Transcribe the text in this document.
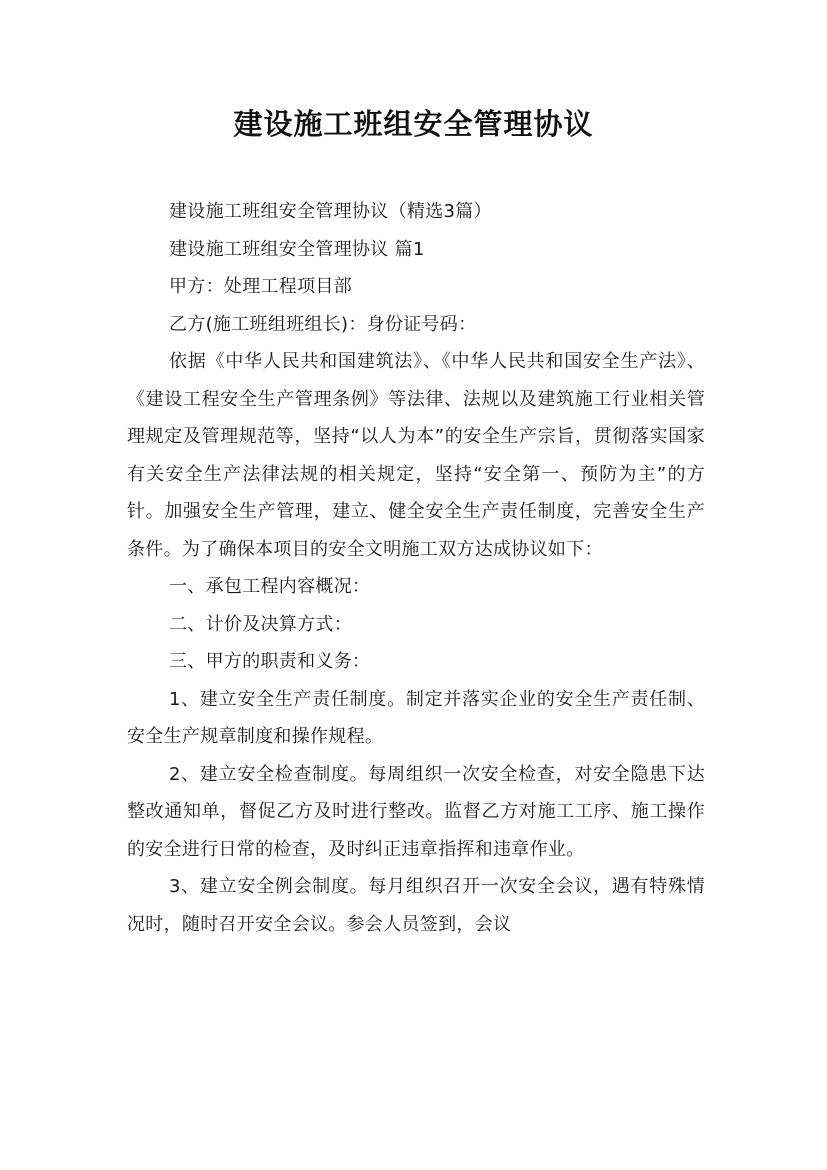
建设施工班组安全管理协议

建设施工班组安全管理协议（精选3篇）

建设施工班组安全管理协议 篇1

甲方：处理工程项目部

乙方(施工班组班组长)：身份证号码：

依据《中华人民共和国建筑法》、《中华人民共和国安全生产法》、《建设工程安全生产管理条例》等法律、法规以及建筑施工行业相关管理规定及管理规范等，坚持“以人为本”的安全生产宗旨，贯彻落实国家有关安全生产法律法规的相关规定，坚持“安全第一、预防为主”的方针。加强安全生产管理，建立、健全安全生产责任制度，完善安全生产条件。为了确保本项目的安全文明施工双方达成协议如下：

一、承包工程内容概况：

二、计价及决算方式：

三、甲方的职责和义务：

1、建立安全生产责任制度。制定并落实企业的安全生产责任制、安全生产规章制度和操作规程。

2、建立安全检查制度。每周组织一次安全检查，对安全隐患下达整改通知单，督促乙方及时进行整改。监督乙方对施工工序、施工操作的安全进行日常的检查，及时纠正违章指挥和违章作业。

3、建立安全例会制度。每月组织召开一次安全会议，遇有特殊情况时，随时召开安全会议。参会人员签到，会议
